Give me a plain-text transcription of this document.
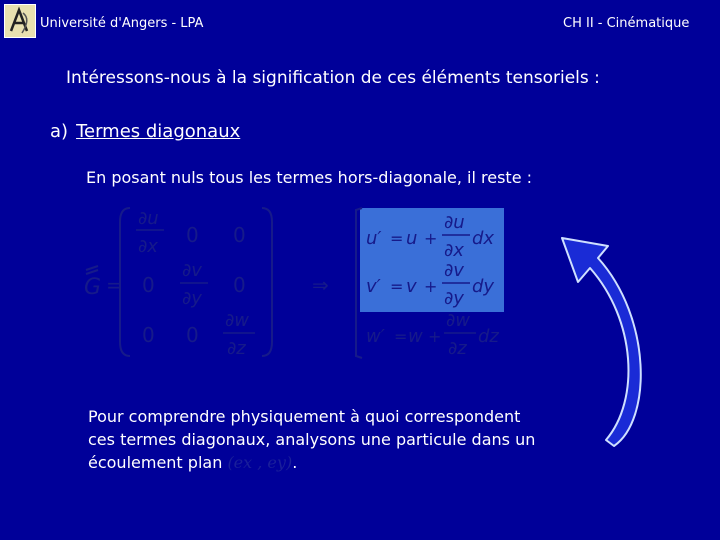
Université d'Angers - LPA	CH II - Cinématique
Intéressons-nous à la signification de ces éléments tensoriels :
a) Termes diagonaux
En posant nuls tous les termes hors-diagonale, il reste :
G =
∂u
∂x 0 0
0
∂v
∂y
0
0 0
∂w
∂z
⇒
u′ = u +
∂u
∂x
dx
v′ = v +
∂v
∂y
dy
w′ = w +
∂w
∂z
dz
Pour comprendre physiquement à quoi correspondent
ces termes diagonaux, analysons une particule dans un
écoulement plan (ex , ey).
